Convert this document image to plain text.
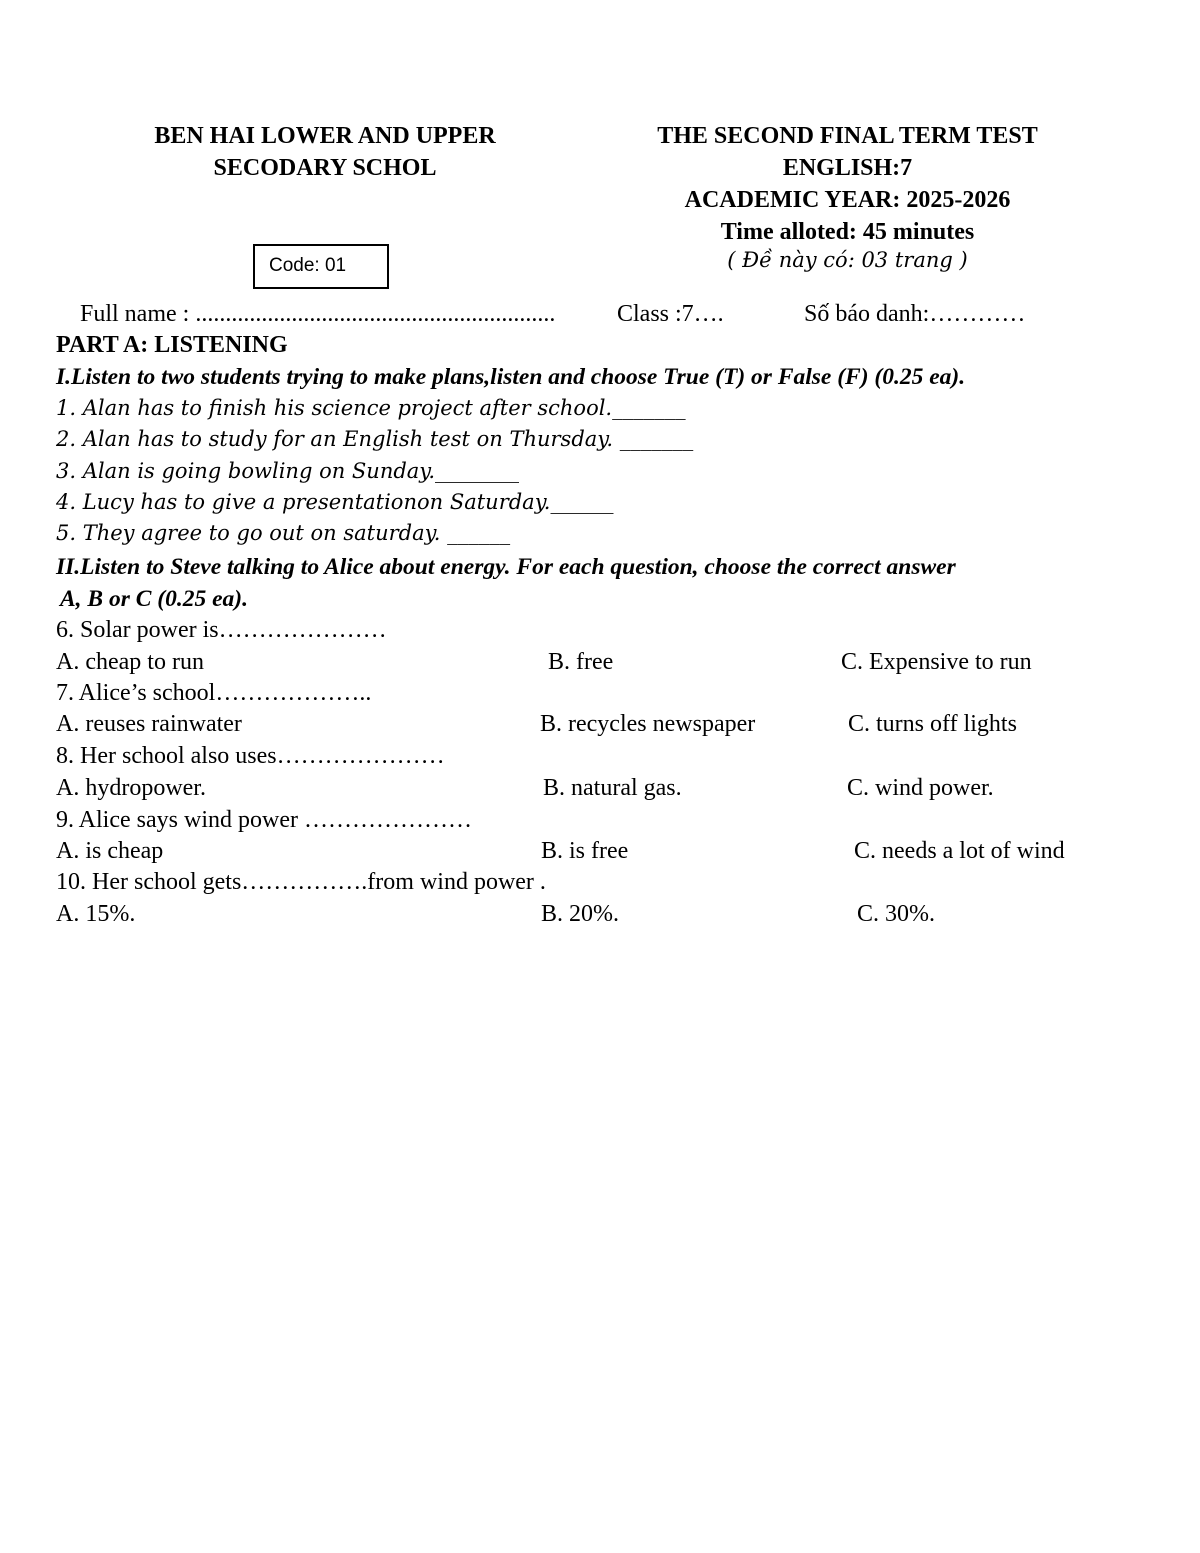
BEN HAI LOWER AND UPPER
SECODARY SCHOL
THE SECOND FINAL TERM TEST
ENGLISH:7
ACADEMIC YEAR: 2025-2026
Time alloted: 45 minutes
( Đề này có: 03 trang )
Code: 01
Full name : ............................................................	Class :7….	Số báo danh:…………
PART A: LISTENING
I.Listen to two students trying to make plans,listen and choose True (T) or False (F) (0.25 ea).
1. Alan has to finish his science project after school._______
2. Alan has to study for an English test on Thursday. _______
3. Alan is going bowling on Sunday.________
4. Lucy has to give a presentationon Saturday.______
5. They agree to go out on saturday. ______
II.Listen to Steve talking to Alice about energy. For each question, choose the correct answer
A, B or C (0.25 ea).
6. Solar power is…………………
A. cheap to run	B. free	C. Expensive to run
7. Alice’s school………………..
A. reuses rainwater	B. recycles newspaper	C. turns off lights
8. Her school also uses…………………
A. hydropower.	B. natural gas.	C. wind power.
9. Alice says wind power …………………
A. is cheap	B. is free	C. needs a lot of wind
10. Her school gets…………….from wind power .
A. 15%.	B. 20%.	C. 30%.
